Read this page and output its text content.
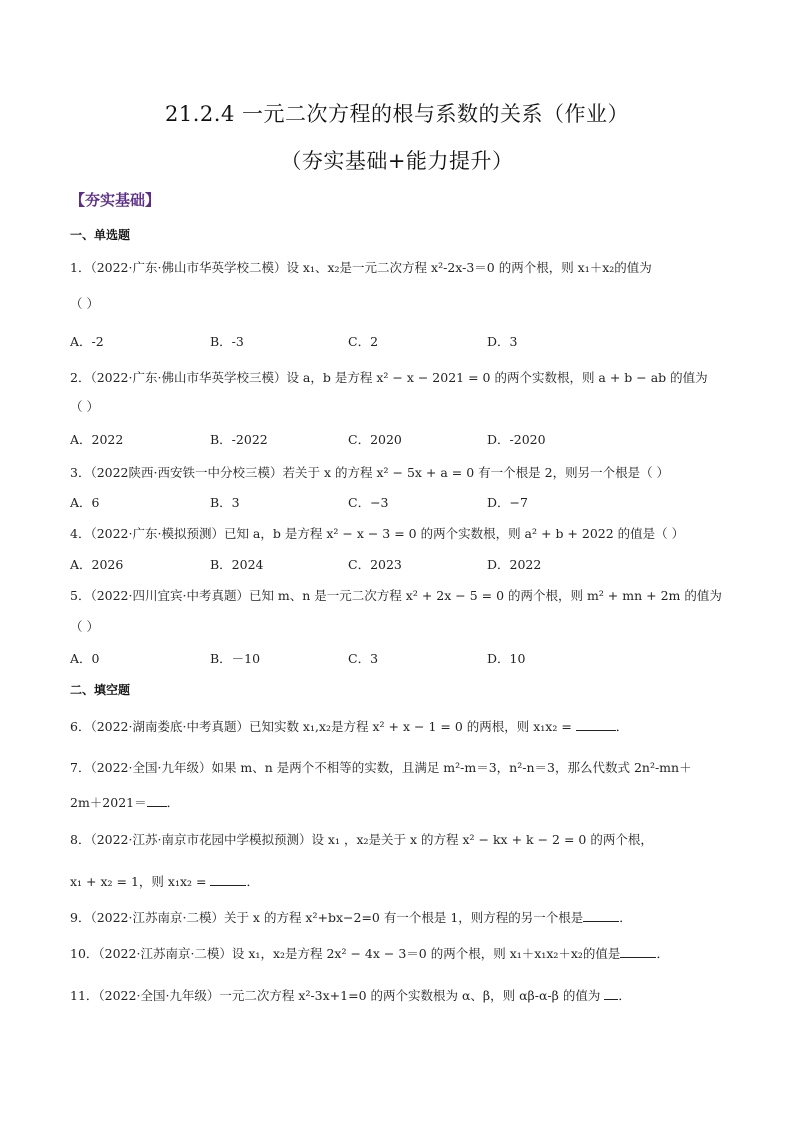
21.2.4 一元二次方程的根与系数的关系（作业）
（夯实基础+能力提升）
【夯实基础】
一、单选题
1．（2022·广东·佛山市华英学校二模）设 x₁、x₂是一元二次方程 x²-2x-3＝0 的两个根，则 x₁＋x₂的值为
（ ）
A．-2	B．-3	C．2	D．3
2．（2022·广东·佛山市华英学校三模）设 a，b 是方程 x² − x − 2021 = 0 的两个实数根，则 a + b − ab 的值为
（ ）
A．2022	B．-2022	C．2020	D．-2020
3．（2022陕西·西安铁一中分校三模）若关于 x 的方程 x² − 5x + a = 0 有一个根是 2，则另一个根是（ ）
A．6	B．3	C．−3	D．−7
4．（2022·广东·模拟预测）已知 a，b 是方程 x² − x − 3 = 0 的两个实数根，则 a² + b + 2022 的值是（ ）
A．2026	B．2024	C．2023	D．2022
5．（2022·四川宜宾·中考真题）已知 m、n 是一元二次方程 x² + 2x − 5 = 0 的两个根，则 m² + mn + 2m 的值为
（ ）
A．0	B．－10	C．3	D．10
二、填空题
6．（2022·湖南娄底·中考真题）已知实数 x₁,x₂是方程 x² + x − 1 = 0 的两根，则 x₁x₂ =	．
7．（2022·全国·九年级）如果 m、n 是两个不相等的实数，且满足 m²-m＝3，n²-n＝3，那么代数式 2n²-mn＋
2m＋2021＝ ．
8．（2022·江苏·南京市花园中学模拟预测）设 x₁ ，x₂是关于 x 的方程 x² − kx + k − 2 = 0 的两个根，
x₁ + x₂ = 1，则 x₁x₂ =	．
9．（2022·江苏南京·二模）关于 x 的方程 x²+bx−2=0 有一个根是 1，则方程的另一个根是	．
10．（2022·江苏南京·二模）设 x₁，x₂是方程 2x² − 4x − 3＝0 的两个根，则 x₁＋x₁x₂＋x₂的值是	．
11．（2022·全国·九年级）一元二次方程 x²-3x+1=0 的两个实数根为 α、β，则 αβ-α-β 的值为 ．
